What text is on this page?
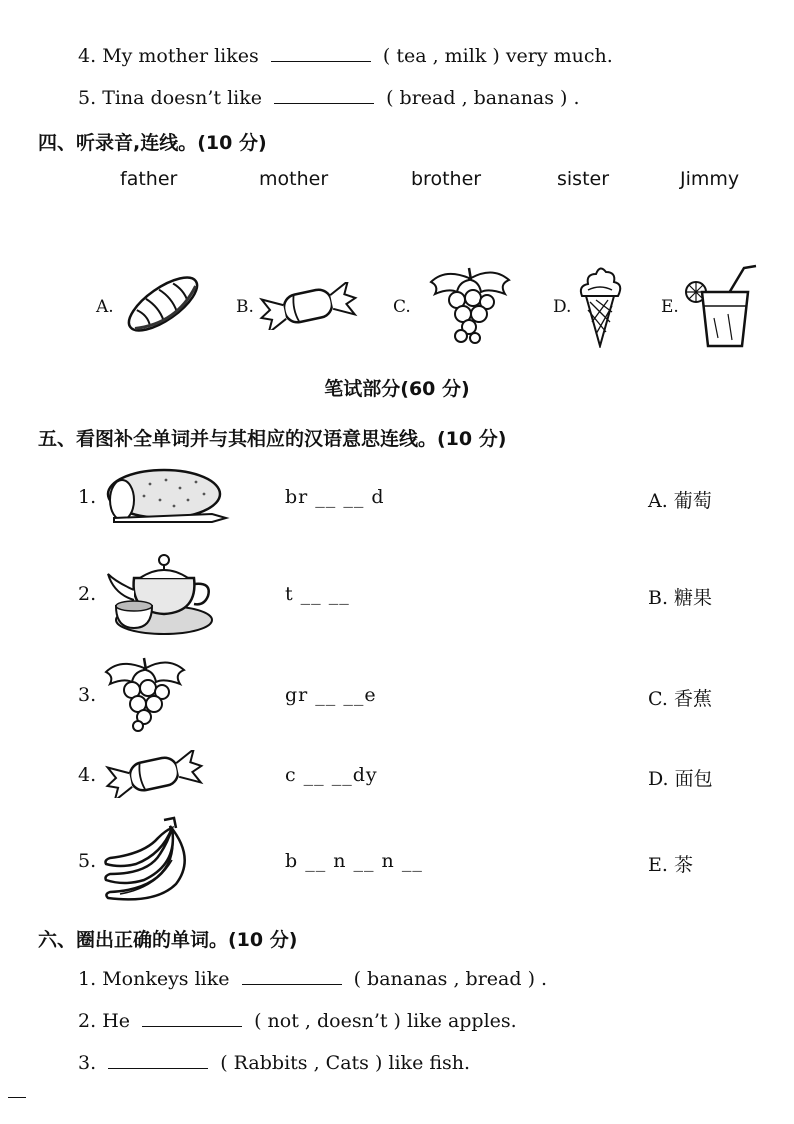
4. My mother likes	( tea , milk ) very much.
5. Tina doesn’t like	( bread , bananas ) .
四、听录音,连线。(10 分)
father	mother	brother	sister	Jimmy
A.	B.	C.	D.	E.
笔试部分(60 分)
五、看图补全单词并与其相应的汉语意思连线。(10 分)
1.	br __ __ d	A. 葡萄
2.	t __ __	B. 糖果
3.	gr __ __e	C. 香蕉
4.	c __ __dy	D. 面包
5.	b __ n __ n __	E. 茶
六、圈出正确的单词。(10 分)
1. Monkeys like	( bananas , bread ) .
2. He	( not , doesn’t ) like apples.
3.	( Rabbits , Cats ) like fish.
